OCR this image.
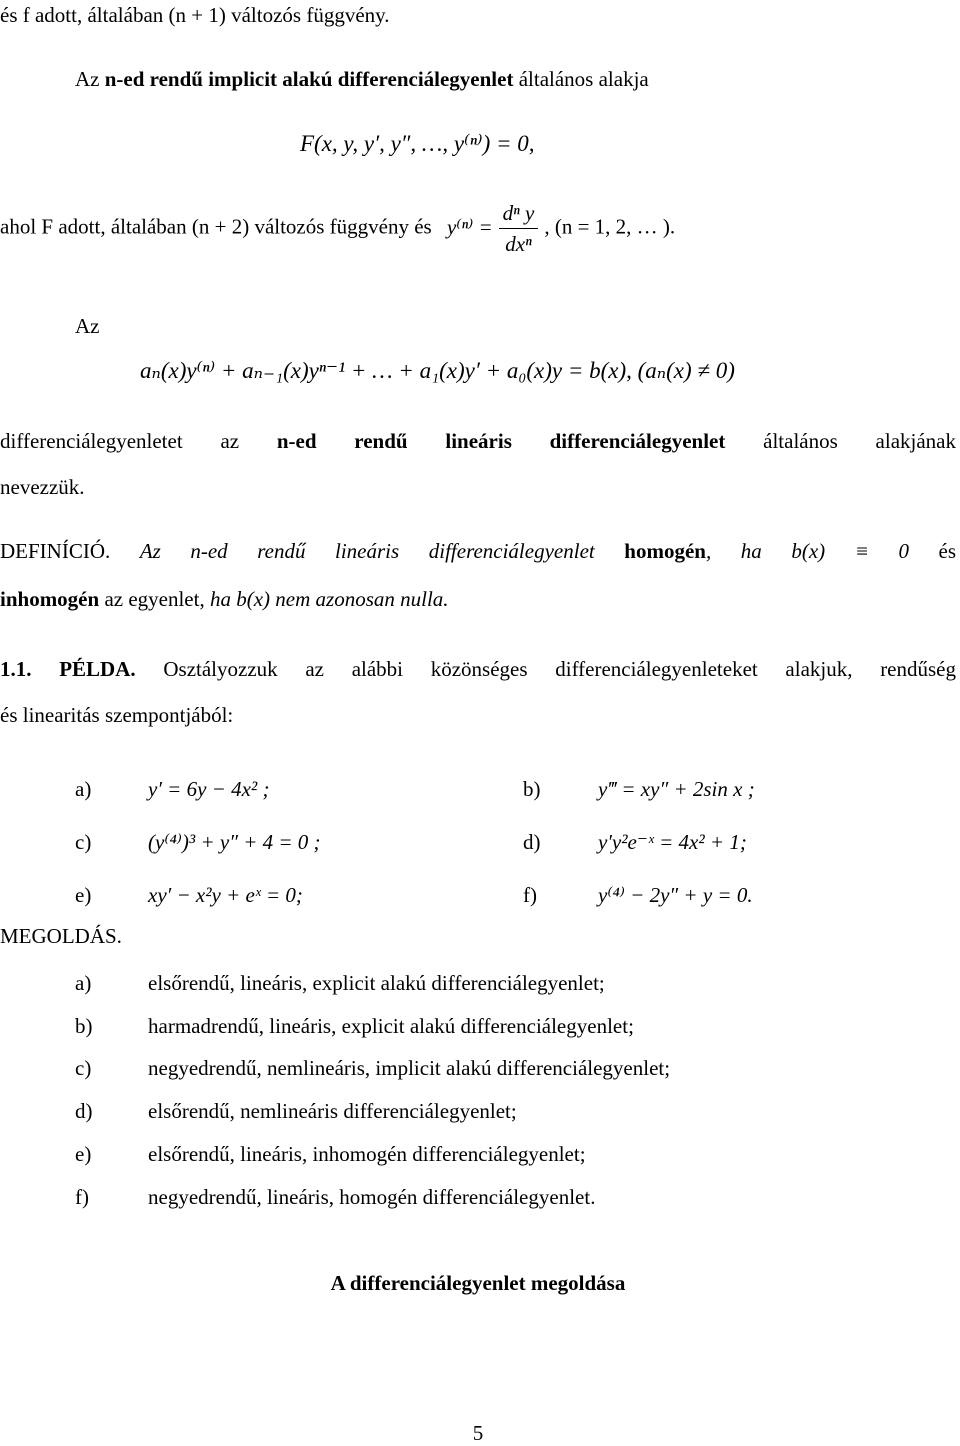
és f adott, általában (n + 1) változós függvény.
Az n-ed rendű implicit alakú differenciálegyenlet általános alakja
F(x, y, y′, y″, …, y⁽ⁿ⁾) = 0,
ahol F adott, általában (n + 2) változós függvény és $y^{(n)} = \frac{\text{dⁿ y}}{\text{dxⁿ}}$ , (n = 1, 2, … ).
Az
aₙ(x)y⁽ⁿ⁾ + aₙ₋₁(x)yⁿ⁻¹ + … + a₁(x)y′ + a₀(x)y = b(x), (aₙ(x) ≠ 0)
differenciálegyenletet az n-ed rendű lineáris differenciálegyenlet általános alakjának
nevezzük.
DEFINÍCIÓ. Az n-ed rendű lineáris differenciálegyenlet homogén, ha b(x) ≡ 0 és
inhomogén az egyenlet, ha b(x) nem azonosan nulla.
1.1. PÉLDA. Osztályozzuk az alábbi közönséges differenciálegyenleteket alakjuk, rendűség
és linearitás szempontjából:
a)	y′ = 6y − 4x² ;	b)	y‴ = xy″ + 2sin x ;
c)	(y⁽⁴⁾)³ + y″ + 4 = 0 ;	d)	y′y²e⁻ˣ = 4x² + 1;
e)	xy′ − x²y + eˣ = 0;	f)	y⁽⁴⁾ − 2y″ + y = 0.
MEGOLDÁS.
a)	elsőrendű, lineáris, explicit alakú differenciálegyenlet;
b)	harmadrendű, lineáris, explicit alakú differenciálegyenlet;
c)	negyedrendű, nemlineáris, implicit alakú differenciálegyenlet;
d)	elsőrendű, nemlineáris differenciálegyenlet;
e)	elsőrendű, lineáris, inhomogén differenciálegyenlet;
f)	negyedrendű, lineáris, homogén differenciálegyenlet.
A differenciálegyenlet megoldása
5
